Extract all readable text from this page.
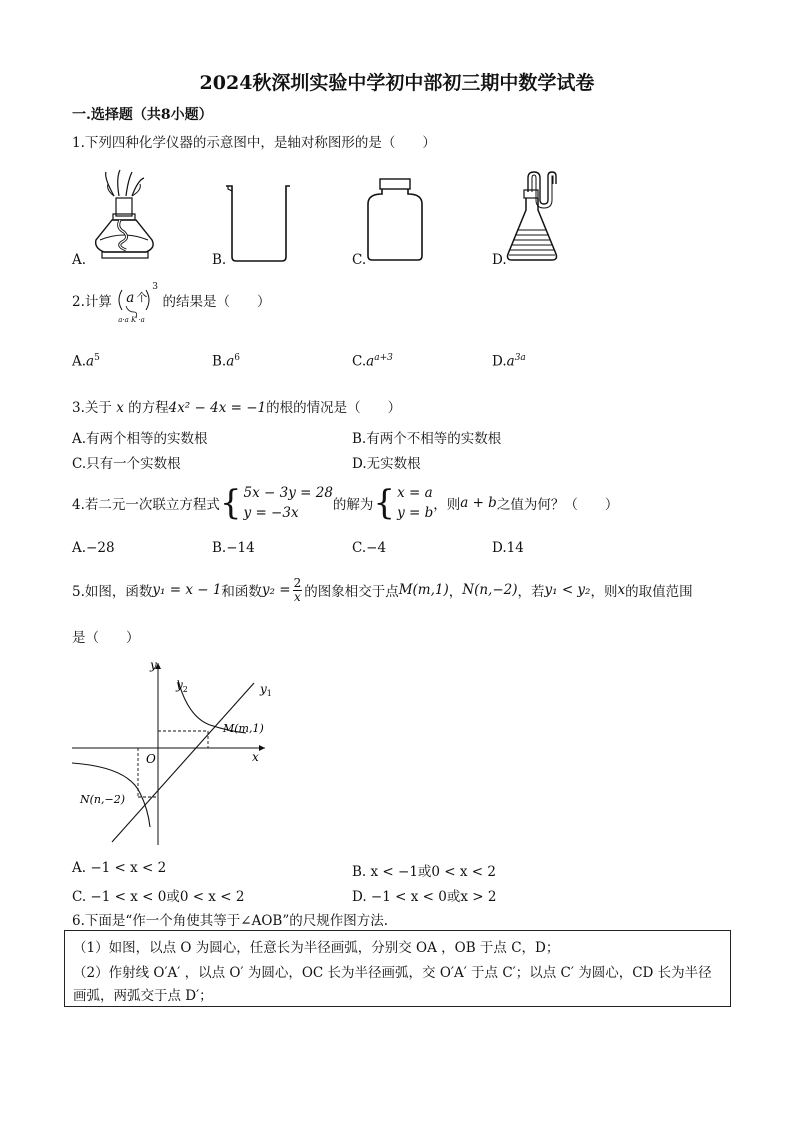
2024秋深圳实验中学初中部初三期中数学试卷
一.选择题（共8小题）
1.下列四种化学仪器的示意图中，是轴对称图形的是（　　）
A.	B.	C.	D.
2.计算 a 个
3
a·a K ·a
的结果是（　　）
$A.a^5$	$B.a^6$	$C.a^{a+3}$	$D.a^{3a}$
3.关于 x 的方程4x² − 4x = −1的根的情况是（　　）
A.有两个相等的实数根	B.有两个不相等的实数根
C.只有一个实数根	D.无实数根
4.若二元一次联立方程式 { 5x − 3y = 28
y = −3x	的解为 { x = a
y = b ，则 a + b 之值为何？（　　）
A.−28	B.−14	C.−4	D.14
5.如图，函数 y₁ = x − 1 和函数 $y_2 = \frac{2}{x}$ 的图象相交于点 M(m,1) ， N(n,−2) ，若 y₁ < y₂ ，则 x 的取值范围
是（　　）
y
x
O
$y_2$	$y_1$
M(m,1)
N(n,−2)
A. −1 < x < 2	B. x < −1或0 < x < 2
C. −1 < x < 0或0 < x < 2	D. −1 < x < 0或x > 2
6.下面是“作一个角使其等于∠AOB”的尺规作图方法.
（1）如图，以点 O 为圆心，任意长为半径画弧，分别交 OA ，OB 于点 C，D；
（2）作射线 O′A′ ，以点 O′ 为圆心，OC 长为半径画弧，交 O′A′ 于点 C′；以点 C′ 为圆心，CD 长为半径
画弧，两弧交于点 D′；
